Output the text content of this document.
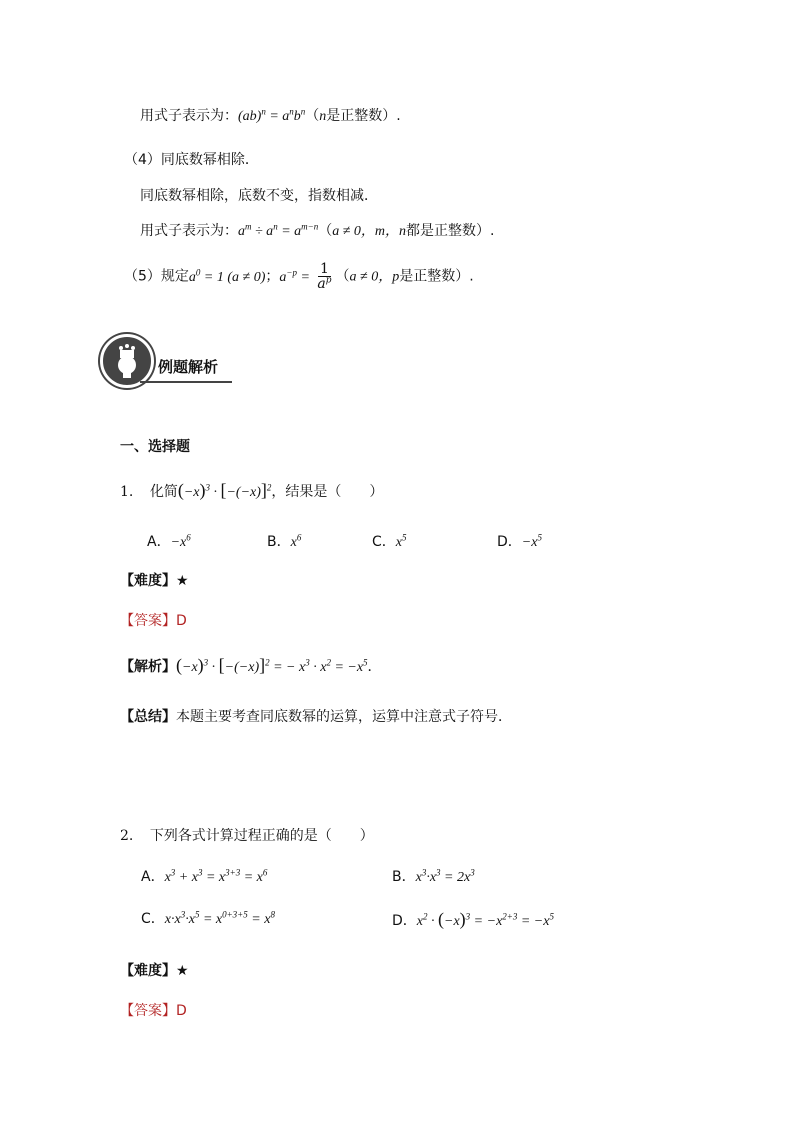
用式子表示为：$(ab)^n = a^nb^n(n$是正整数）.
（4）同底数幂相除．
同底数幂相除，底数不变，指数相减．
用式子表示为：$a^m \div a^n = a^{m-n}(a \ne 0$，m，n都是正整数）.
（5）规定$a^0 = 1$ (a ≠ 0)；$a^{-p} = \frac{1}{a^p} (a \ne 0$，p是正整数）.
例题解析
一、选择题
1. 化简$(-x)^3 \cdot [-(-x)]^2$，结果是（　　）
A．$-x^6$	B．$x^6$	C．$x^5$	D．$-x^5$
【难度】★
【答案】D
【解析】$(-x)^3 \cdot [-(-x)]^2$ = − $x^3 \cdot x^2 = -x^5$．
【总结】本题主要考查同底数幂的运算，运算中注意式子符号．
2. 下列各式计算过程正确的是（　　）
A．$x^3 + x^3 = x^{3+3} = x^6$	B．$x^3\cdot x^3 = 2x^3$
C．$x\cdot x^3\cdot x^5 = x^{0+3+5} = x^8$	D．$x^2 \cdot (-x)^3 = -x^{2+3} = -x^5$
【难度】★
【答案】D
